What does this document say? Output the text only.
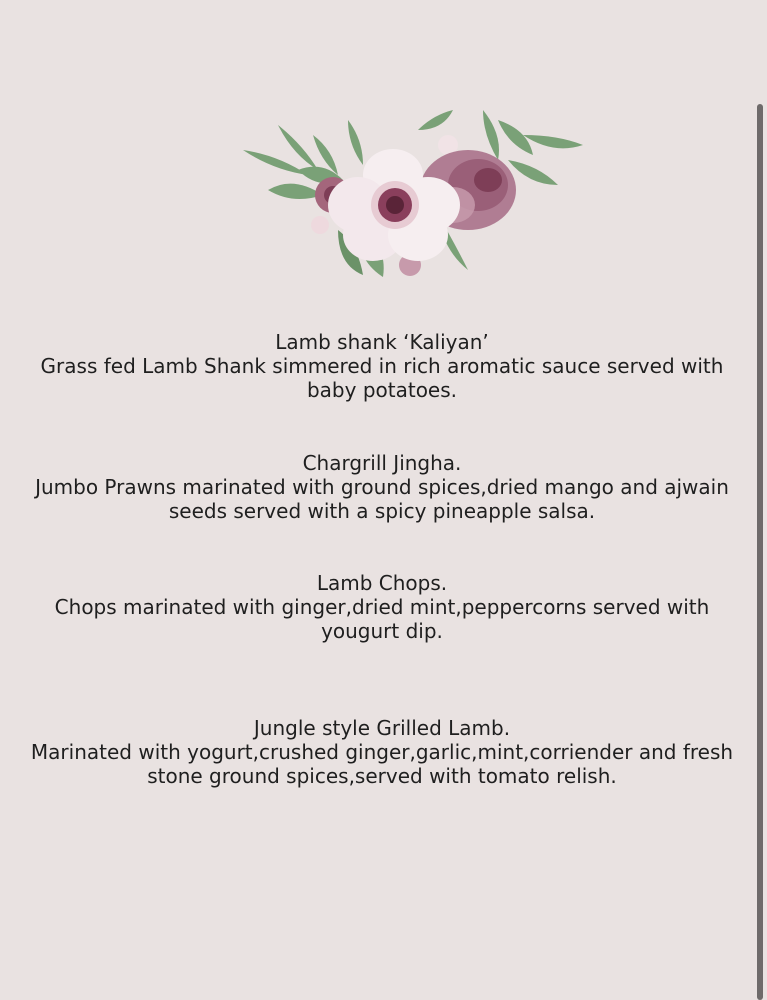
Lamb shank ‘Kaliyan’
Grass fed Lamb Shank simmered in rich aromatic sauce served with baby potatoes.
Chargrill Jingha.
Jumbo Prawns marinated with ground spices,dried mango and ajwain seeds served with a spicy pineapple salsa.
Lamb Chops.
Chops marinated with ginger,dried mint,peppercorns served with yougurt dip.
Jungle style Grilled Lamb.
Marinated with yogurt,crushed ginger,garlic,mint,corriender and fresh stone ground spices,served with tomato relish.
